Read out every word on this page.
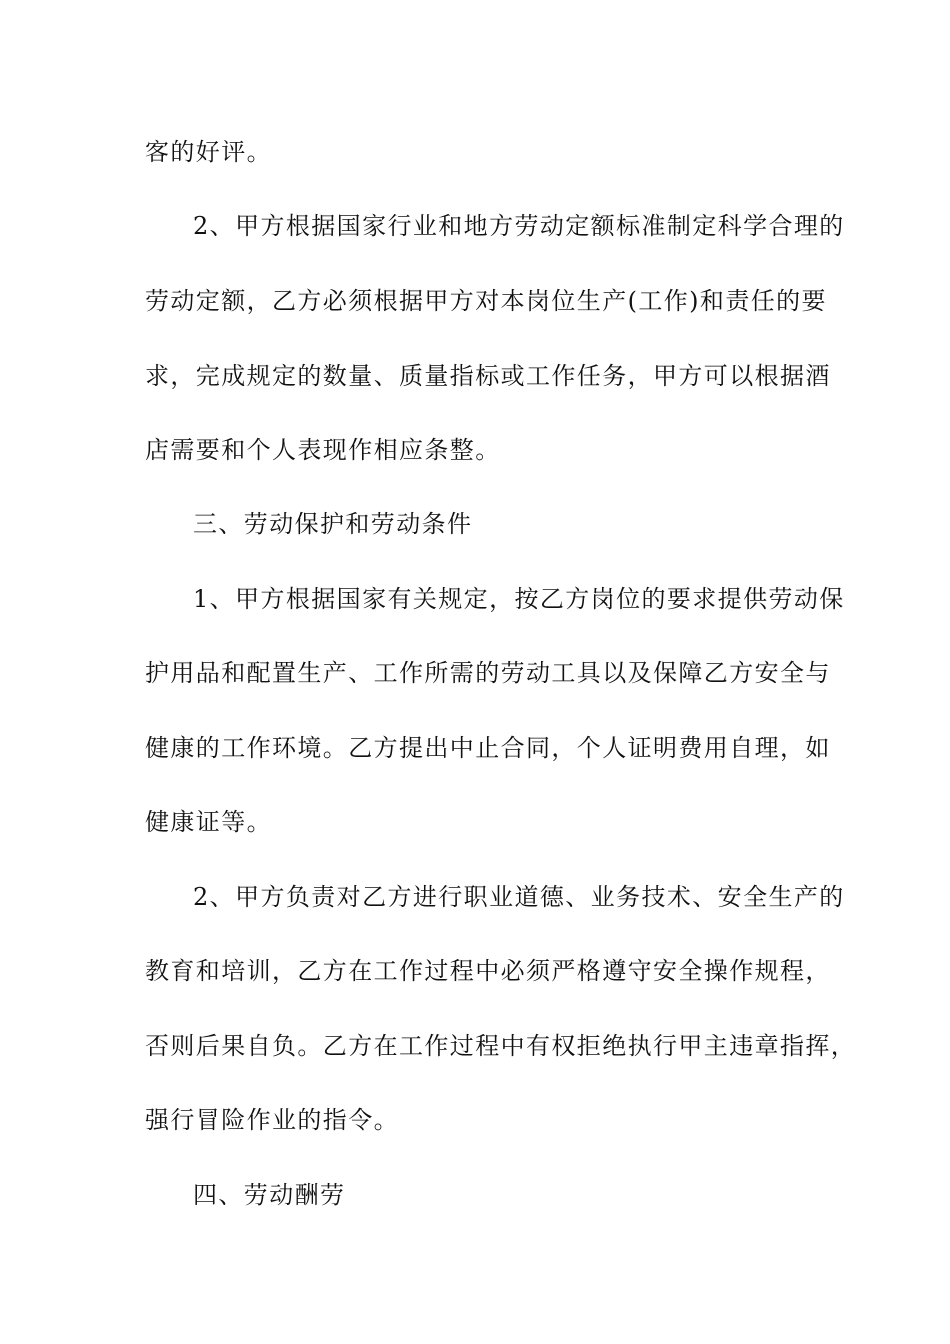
客的好评。
2、甲方根据国家行业和地方劳动定额标准制定科学合理的
劳动定额，乙方必须根据甲方对本岗位生产(工作)和责任的要
求，完成规定的数量、质量指标或工作任务，甲方可以根据酒
店需要和个人表现作相应条整。
三、劳动保护和劳动条件
1、甲方根据国家有关规定，按乙方岗位的要求提供劳动保
护用品和配置生产、工作所需的劳动工具以及保障乙方安全与
健康的工作环境。乙方提出中止合同，个人证明费用自理，如
健康证等。
2、甲方负责对乙方进行职业道德、业务技术、安全生产的
教育和培训，乙方在工作过程中必须严格遵守安全操作规程，
否则后果自负。乙方在工作过程中有权拒绝执行甲主违章指挥，
强行冒险作业的指令。
四、劳动酬劳
